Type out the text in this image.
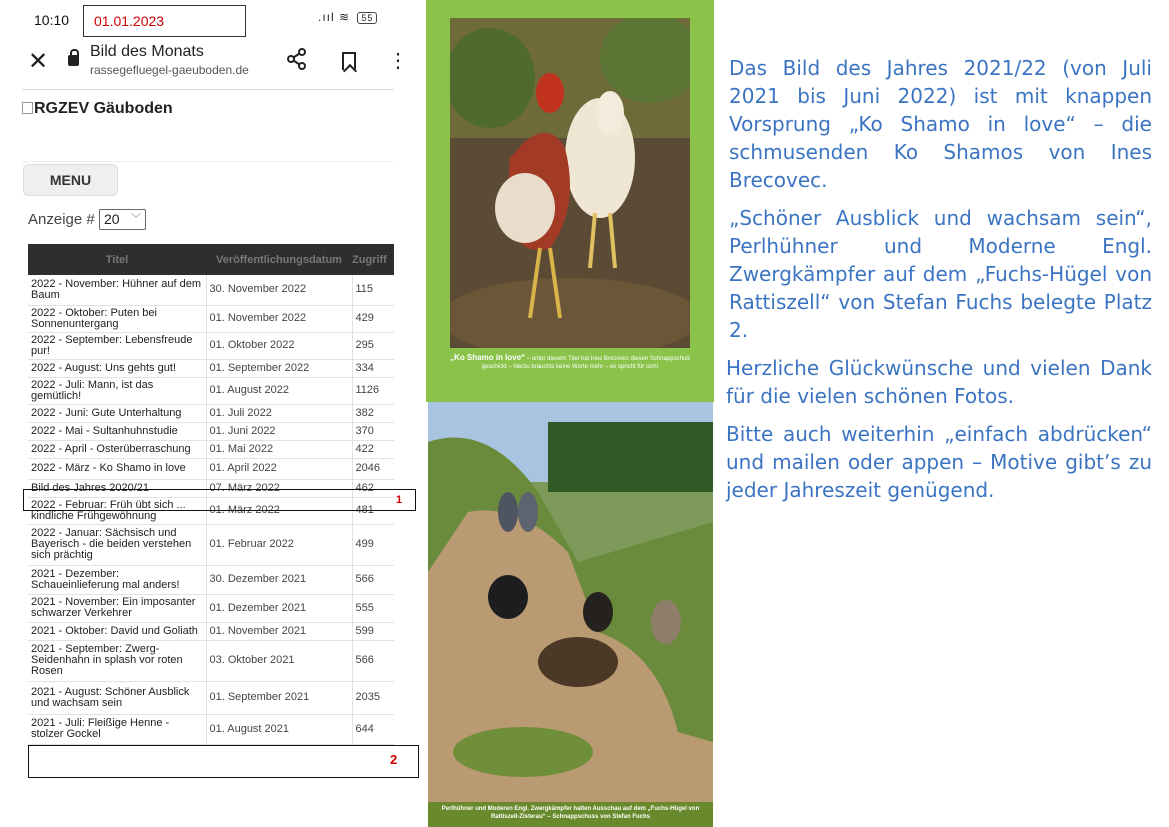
10:10 01.01.2023	.ııl ≋ 55
✕	Bild des Monats
rassegefluegel-gaeuboden.de	⋮
RGZEV Gäuboden
MENU
Anzeige # 20 ﹀
Titel	Veröffentlichungsdatum	Zugriff
2022 - November: Hühner auf dem Baum	30. November 2022	115
2022 - Oktober: Puten bei Sonnenuntergang	01. November 2022	429
2022 - September: Lebensfreude pur!	01. Oktober 2022	295
2022 - August: Uns gehts gut!	01. September 2022	334
2022 - Juli: Mann, ist das gemütlich!	01. August 2022	1126
2022 - Juni: Gute Unterhaltung	01. Juli 2022	382
2022 - Mai - Sultanhuhnstudie	01. Juni 2022	370
2022 - April - Osterüberraschung	01. Mai 2022	422
2022 - März - Ko Shamo in love	01. April 2022	2046
Bild des Jahres 2020/21	07. März 2022	462
2022 - Februar: Früh übt sich ... kindliche Frühgewöhnung	01. März 2022	481
2022 - Januar: Sächsisch und Bayerisch - die beiden verstehen sich prächtig	01. Februar 2022	499
2021 - Dezember: Schaueinlieferung mal anders!	30. Dezember 2021	566
2021 - November: Ein imposanter schwarzer Verkehrer	01. Dezember 2021	555
2021 - Oktober: David und Goliath	01. November 2021	599
2021 - September: Zwerg-Seidenhahn in splash vor roten Rosen	03. Oktober 2021	566
2021 - August: Schöner Ausblick und wachsam sein	01. September 2021	2035
2021 - Juli: Fleißige Henne - stolzer Gockel	01. August 2021	644
1
2
„Ko Shamo in love“ – unter diesem Titel hat Ines Brecovec diesen Schnappschuß geschickt – hierzu brauchts keine Worte mehr – es spricht für sich!
Perlhühner und Moderen Engl. Zwergkämpfer halten Ausschau auf dem „Fuchs-Hügel von Rattiszell-Zisterau“ – Schnappschuss von Stefan Fuchs

Das Bild des Jahres 2021/22 (von Juli 2021 bis Juni 2022) ist mit knappen Vorsprung „Ko Shamo in love“ – die schmusenden Ko Shamos von Ines Brecovec.

„Schöner Ausblick und wachsam sein“, Perlhühner und Moderne Engl. Zwergkämpfer auf dem „Fuchs-Hügel von Rattiszell“ von Stefan Fuchs belegte Platz 2.

Herzliche Glückwünsche und vielen Dank für die vielen schönen Fotos.

Bitte auch weiterhin „einfach abdrücken“ und mailen oder appen – Motive gibt’s zu jeder Jahreszeit genügend.
